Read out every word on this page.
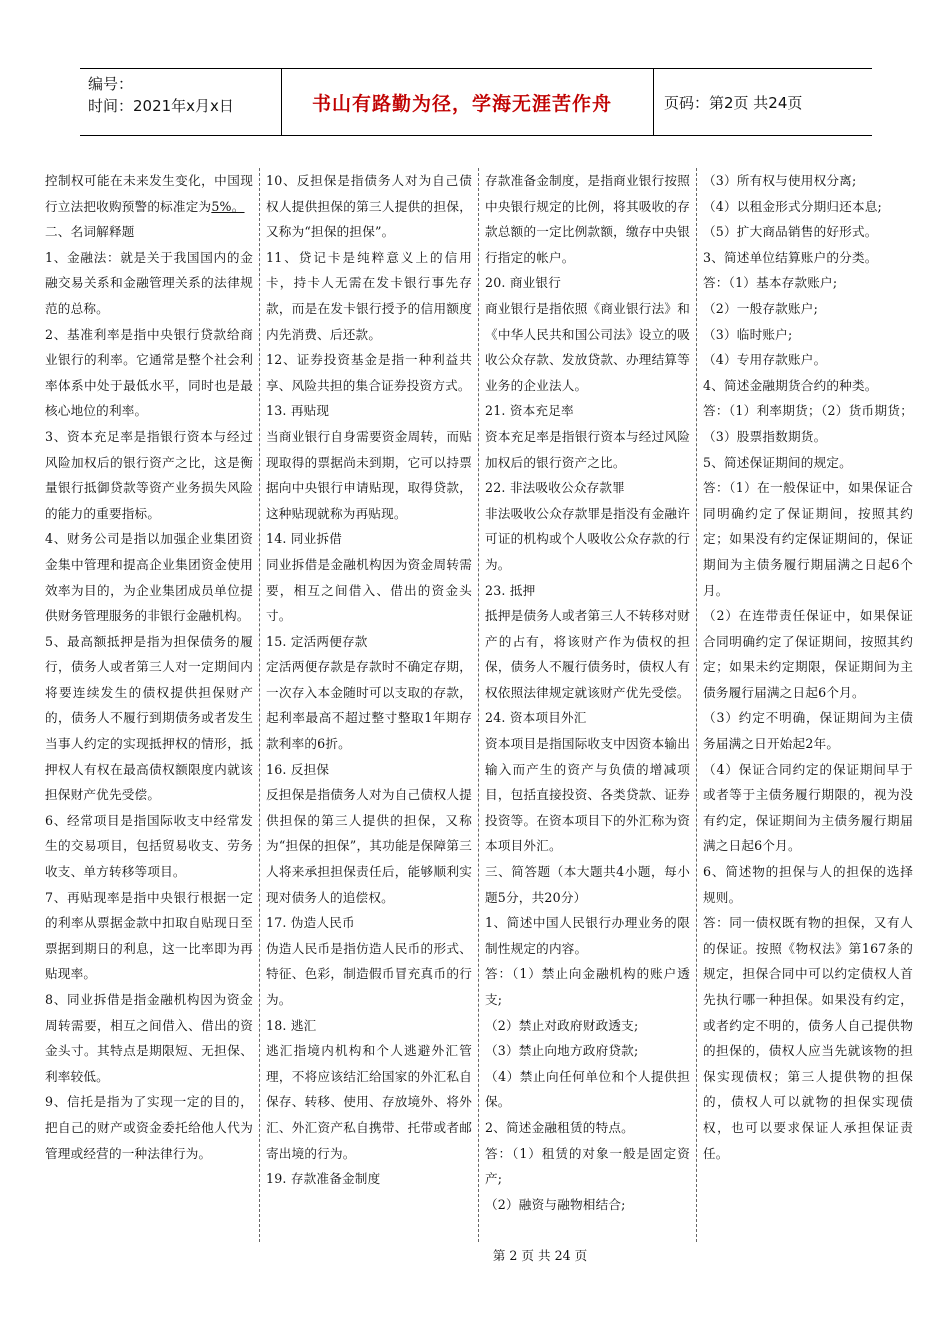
编号：
时间：2021年x月x日	书山有路勤为径，学海无涯苦作舟	页码：第2页 共24页

控制权可能在未来发生变化，中国现行立法把收购预警的标准定为5%。

二、名词解释题

1、金融法：就是关于我国国内的金融交易关系和金融管理关系的法律规范的总称。

2、基准利率是指中央银行贷款给商业银行的利率。它通常是整个社会利率体系中处于最低水平，同时也是最核心地位的利率。

3、资本充足率是指银行资本与经过风险加权后的银行资产之比，这是衡量银行抵御贷款等资产业务损失风险的能力的重要指标。

4、财务公司是指以加强企业集团资金集中管理和提高企业集团资金使用效率为目的，为企业集团成员单位提供财务管理服务的非银行金融机构。

5、最高额抵押是指为担保债务的履行，债务人或者第三人对一定期间内将要连续发生的债权提供担保财产的，债务人不履行到期债务或者发生当事人约定的实现抵押权的情形，抵押权人有权在最高债权额限度内就该担保财产优先受偿。

6、经常项目是指国际收支中经常发生的交易项目，包括贸易收支、劳务收支、单方转移等项目。

7、再贴现率是指中央银行根据一定的利率从票据金款中扣取自贴现日至票据到期日的利息，这一比率即为再贴现率。

8、同业拆借是指金融机构因为资金周转需要，相互之间借入、借出的资金头寸。其特点是期限短、无担保、利率较低。

9、信托是指为了实现一定的目的，把自己的财产或资金委托给他人代为管理或经营的一种法律行为。

10、反担保是指债务人对为自己债权人提供担保的第三人提供的担保，又称为“担保的担保”。

11、贷记卡是纯粹意义上的信用卡，持卡人无需在发卡银行事先存款，而是在发卡银行授予的信用额度内先消费、后还款。

12、证券投资基金是指一种利益共享、风险共担的集合证券投资方式。

13. 再贴现

当商业银行自身需要资金周转，而贴现取得的票据尚未到期，它可以持票据向中央银行申请贴现，取得贷款，这种贴现就称为再贴现。

14. 同业拆借

同业拆借是金融机构因为资金周转需要，相互之间借入、借出的资金头寸。

15. 定活两便存款

定活两便存款是存款时不确定存期，一次存入本金随时可以支取的存款，起利率最高不超过整寸整取1年期存款利率的6折。

16. 反担保

反担保是指债务人对为自己债权人提供担保的第三人提供的担保，又称为“担保的担保”，其功能是保障第三人将来承担担保责任后，能够顺利实现对债务人的追偿权。

17. 伪造人民币

伪造人民币是指仿造人民币的形式、特征、色彩，制造假币冒充真币的行为。

18. 逃汇

逃汇指境内机构和个人逃避外汇管理，不将应该结汇给国家的外汇私自保存、转移、使用、存放境外、将外汇、外汇资产私自携带、托带或者邮寄出境的行为。

19. 存款准备金制度

存款准备金制度，是指商业银行按照中央银行规定的比例，将其吸收的存款总额的一定比例款额，缴存中央银行指定的帐户。

20. 商业银行

商业银行是指依照《商业银行法》和《中华人民共和国公司法》设立的吸收公众存款、发放贷款、办理结算等业务的企业法人。

21. 资本充足率

资本充足率是指银行资本与经过风险加权后的银行资产之比。

22. 非法吸收公众存款罪

非法吸收公众存款罪是指没有金融许可证的机构或个人吸收公众存款的行为。

23. 抵押

抵押是债务人或者第三人不转移对财产的占有，将该财产作为债权的担保，债务人不履行债务时，债权人有权依照法律规定就该财产优先受偿。

24. 资本项目外汇

资本项目是指国际收支中因资本输出输入而产生的资产与负债的增减项目，包括直接投资、各类贷款、证券投资等。在资本项目下的外汇称为资本项目外汇。

三、简答题（本大题共4小题，每小题5分，共20分）

1、简述中国人民银行办理业务的限制性规定的内容。

答：（1）禁止向金融机构的账户透支;

（2）禁止对政府财政透支;

（3）禁止向地方政府贷款;

（4）禁止向任何单位和个人提供担保。

2、简述金融租赁的特点。

答：（1）租赁的对象一般是固定资产;

（2）融资与融物相结合;

（3）所有权与使用权分离;

（4）以租金形式分期归还本息;

（5）扩大商品销售的好形式。

3、简述单位结算账户的分类。

答：（1）基本存款账户;

（2）一般存款账户;

（3）临时账户;

（4）专用存款账户。

4、简述金融期货合约的种类。

答：（1）利率期货；（2）货币期货；（3）股票指数期货。

5、简述保证期间的规定。

答：（1）在一般保证中，如果保证合同明确约定了保证期间，按照其约定；如果没有约定保证期间的，保证期间为主债务履行期届满之日起6个月。

（2）在连带责任保证中，如果保证合同明确约定了保证期间，按照其约定；如果未约定期限，保证期间为主债务履行届满之日起6个月。

（3）约定不明确，保证期间为主债务届满之日开始起2年。

（4）保证合同约定的保证期间早于或者等于主债务履行期限的，视为没有约定，保证期间为主债务履行期届满之日起6个月。

6、简述物的担保与人的担保的选择规则。

答：同一债权既有物的担保，又有人的保证。按照《物权法》第167条的规定，担保合同中可以约定债权人首先执行哪一种担保。如果没有约定，或者约定不明的，债务人自己提供物的担保的，债权人应当先就该物的担保实现债权；第三人提供物的担保的，债权人可以就物的担保实现债权，也可以要求保证人承担保证责任。

第 2 页 共 24 页
